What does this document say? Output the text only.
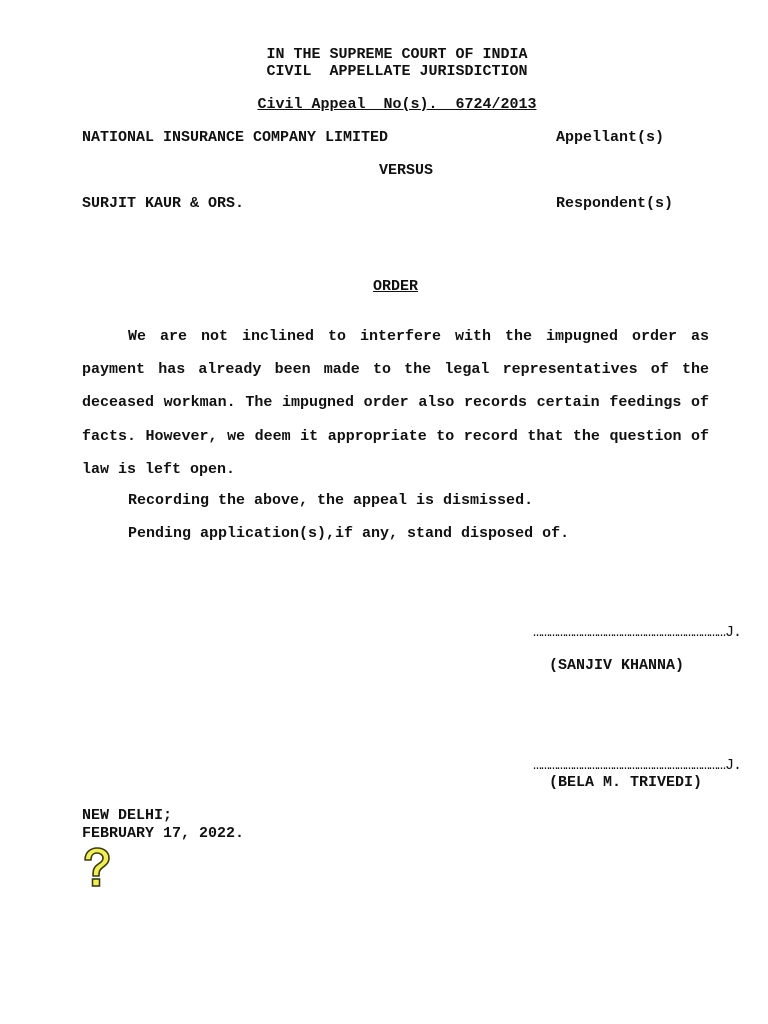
IN THE SUPREME COURT OF INDIA
CIVIL  APPELLATE JURISDICTION
Civil Appeal  No(s).  6724/2013
NATIONAL INSURANCE COMPANY LIMITED	Appellant(s)
VERSUS
SURJIT KAUR & ORS.	Respondent(s)
ORDER
We are not inclined to interfere with the impugned order as payment has already been made to the legal representatives of the deceased workman. The impugned order also records certain feedings of facts. However, we deem it appropriate to record that the question of law is left open.
Recording the above, the appeal is dismissed.
Pending application(s),if any, stand disposed of.
………………………………………………………………J.
(SANJIV KHANNA)
………………………………………………………………J.
(BELA M. TRIVEDI)
NEW DELHI;
FEBRUARY 17, 2022.
